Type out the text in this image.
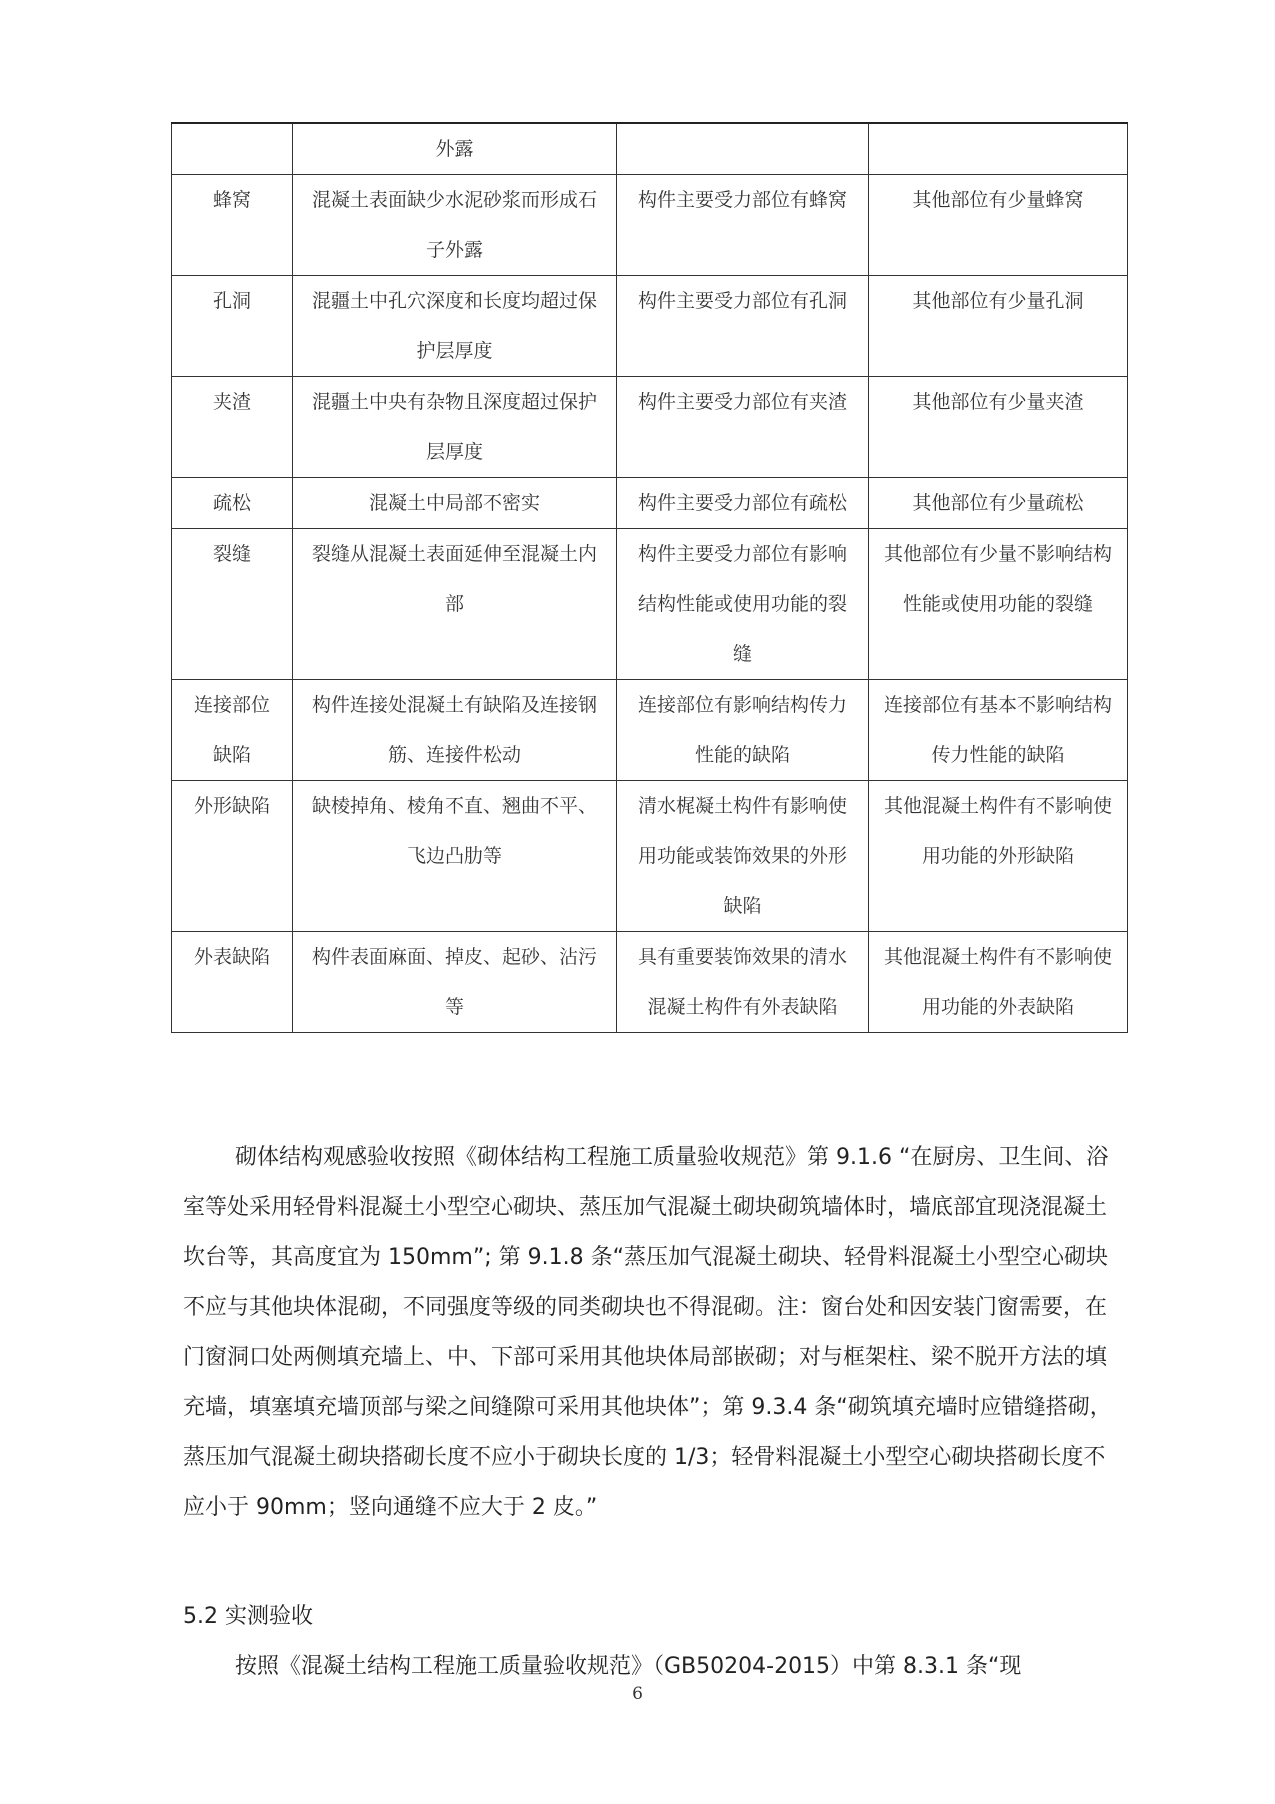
	外露		
蜂窝	混凝土表面缺少水泥砂浆而形成石子外露	构件主要受力部位有蜂窝	其他部位有少量蜂窝
孔洞	混疆土中孔穴深度和长度均超过保护层厚度	构件主要受力部位有孔洞	其他部位有少量孔洞
夹渣	混疆土中央有杂物且深度超过保护层厚度	构件主要受力部位有夹渣	其他部位有少量夹渣
疏松	混凝土中局部不密实	构件主要受力部位有疏松	其他部位有少量疏松
裂缝	裂缝从混凝土表面延伸至混凝土内部	构件主要受力部位有影响结构性能或使用功能的裂缝	其他部位有少量不影响结构性能或使用功能的裂缝
连接部位缺陷	构件连接处混凝土有缺陷及连接钢筋、连接件松动	连接部位有影响结构传力性能的缺陷	连接部位有基本不影响结构传力性能的缺陷
外形缺陷	缺棱掉角、棱角不直、翘曲不平、飞边凸肋等	清水梶凝土构件有影响使用功能或装饰效果的外形缺陷	其他混凝土构件有不影响使用功能的外形缺陷
外表缺陷	构件表面麻面、掉皮、起砂、沾污等	具有重要装饰效果的清水混凝土构件有外表缺陷	其他混凝土构件有不影响使用功能的外表缺陷

砌体结构观感验收按照《砌体结构工程施工质量验收规范》第 9.1.6 “在厨房、卫生间、浴室等处采用轻骨料混凝土小型空心砌块、蒸压加气混凝土砌块砌筑墙体时，墙底部宜现浇混凝土坎台等，其高度宜为 150mm”; 第 9.1.8 条“蒸压加气混凝土砌块、轻骨料混凝土小型空心砌块不应与其他块体混砌，不同强度等级的同类砌块也不得混砌。注：窗台处和因安装门窗需要，在门窗洞口处两侧填充墙上、中、下部可采用其他块体局部嵌砌；对与框架柱、梁不脱开方法的填充墙，填塞填充墙顶部与梁之间缝隙可采用其他块体”；第 9.3.4 条“砌筑填充墙时应错缝搭砌，蒸压加气混凝土砌块搭砌长度不应小于砌块长度的 1/3；轻骨料混凝土小型空心砌块搭砌长度不应小于 90mm；竖向通缝不应大于 2 皮。”

5.2 实测验收
按照《混凝土结构工程施工质量验收规范》（GB50204-2015）中第 8.3.1 条“现
6
